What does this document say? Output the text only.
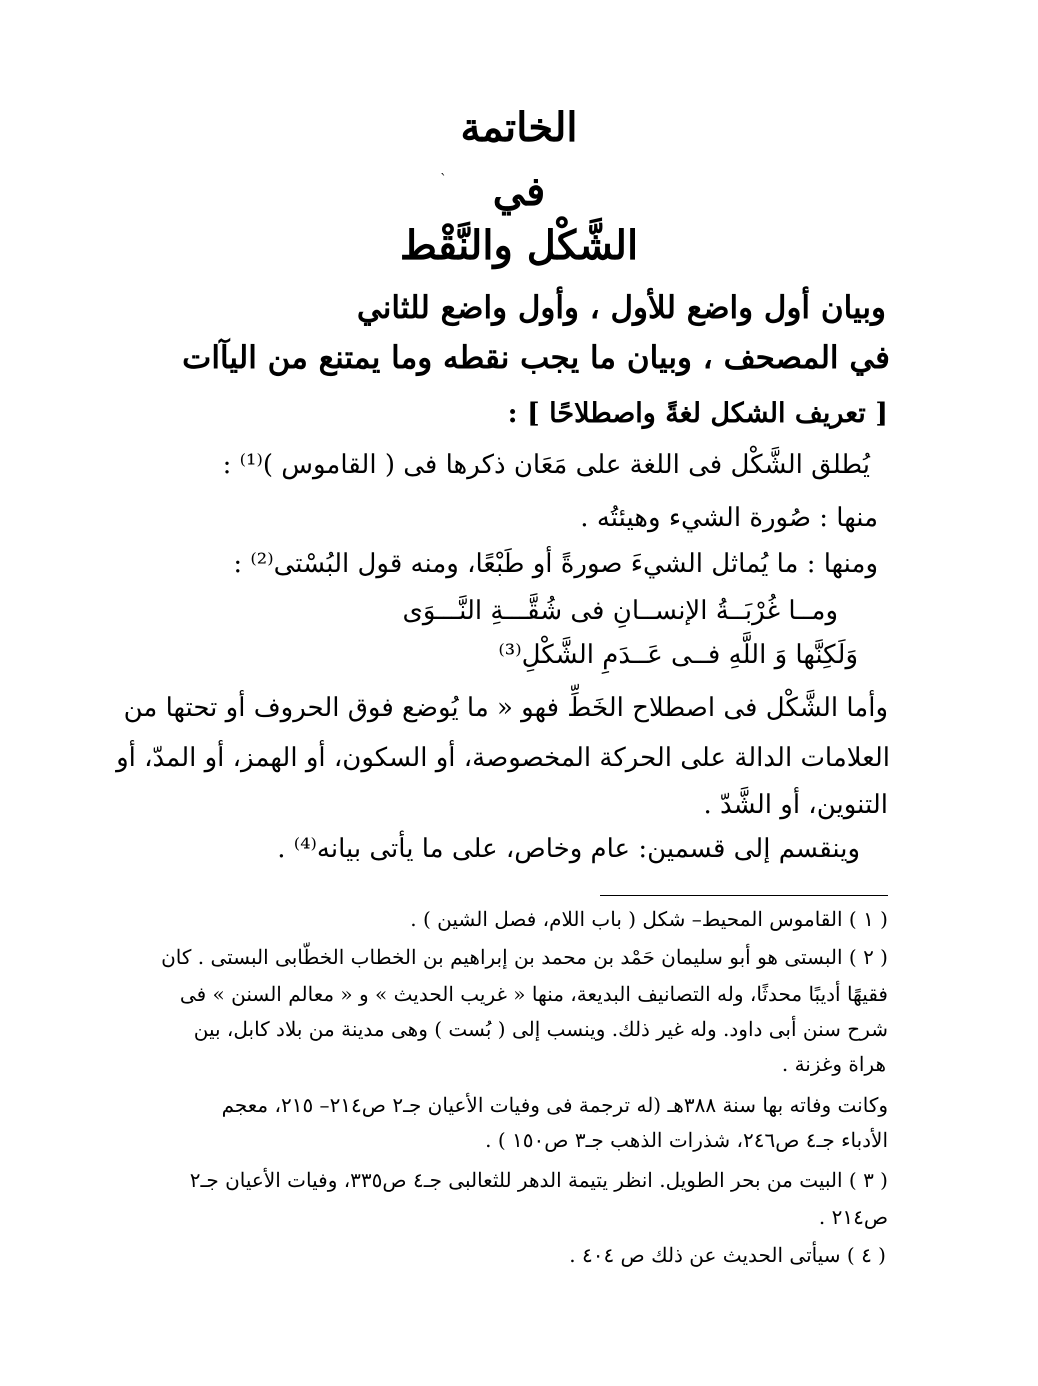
الخاتمة
`	في
الشَّكْل والنَّقْط
وبيان أول واضع للأول ، وأول واضع للثاني
في المصحف ، وبيان ما يجب نقطه وما يمتنع من اليآات
[ تعريف الشكل لغةً واصطلاحًا ] :
يُطلق الشَّكْل فى اللغة على مَعَان ذكرها فى ( القاموس )⁽¹⁾ :
منها : صُورة الشيء وهيئتُه .
ومنها : ما يُماثل الشيءَ صورةً أو طَبْعًا، ومنه قول البُسْتى⁽²⁾ :
ومــا غُرْبَــةُ الإنســانِ فى شُقَّـــةِ النَّـــوَى
وَلَكِنَّها وَ اللَّهِ فــى عَــدَمِ الشَّكْلِ⁽³⁾
وأما الشَّكْل فى اصطلاح الخَطِّ فهو « ما يُوضع فوق الحروف أو تحتها من
العلامات الدالة على الحركة المخصوصة، أو السكون، أو الهمز، أو المدّ، أو
التنوين، أو الشَّدّ .
وينقسم إلى قسمين: عام وخاص، على ما يأتى بيانه⁽⁴⁾ .
( ١ ) القاموس المحيط– شكل ( باب اللام، فصل الشين ) .
( ٢ ) البستى هو أبو سليمان حَمْد بن محمد بن إبراهيم بن الخطاب الخطّابى البستى . كان
فقيهًا أديبًا محدثًا، وله التصانيف البديعة، منها « غريب الحديث » و « معالم السنن » فى
شرح سنن أبى داود. وله غير ذلك. وينسب إلى ( بُست ) وهى مدينة من بلاد كابل، بين
هراة وغزنة .
وكانت وفاته بها سنة ٣٨٨هـ (له ترجمة فى وفيات الأعيان جـ٢ ص٢١٤– ٢١٥، معجم
الأدباء جـ٤ ص٢٤٦، شذرات الذهب جـ٣ ص١٥٠ ) .
( ٣ ) البيت من بحر الطويل. انظر يتيمة الدهر للثعالبى جـ٤ ص٣٣٥، وفيات الأعيان جـ٢
ص٢١٤ .
( ٤ ) سيأتى الحديث عن ذلك ص ٤٠٤ .
